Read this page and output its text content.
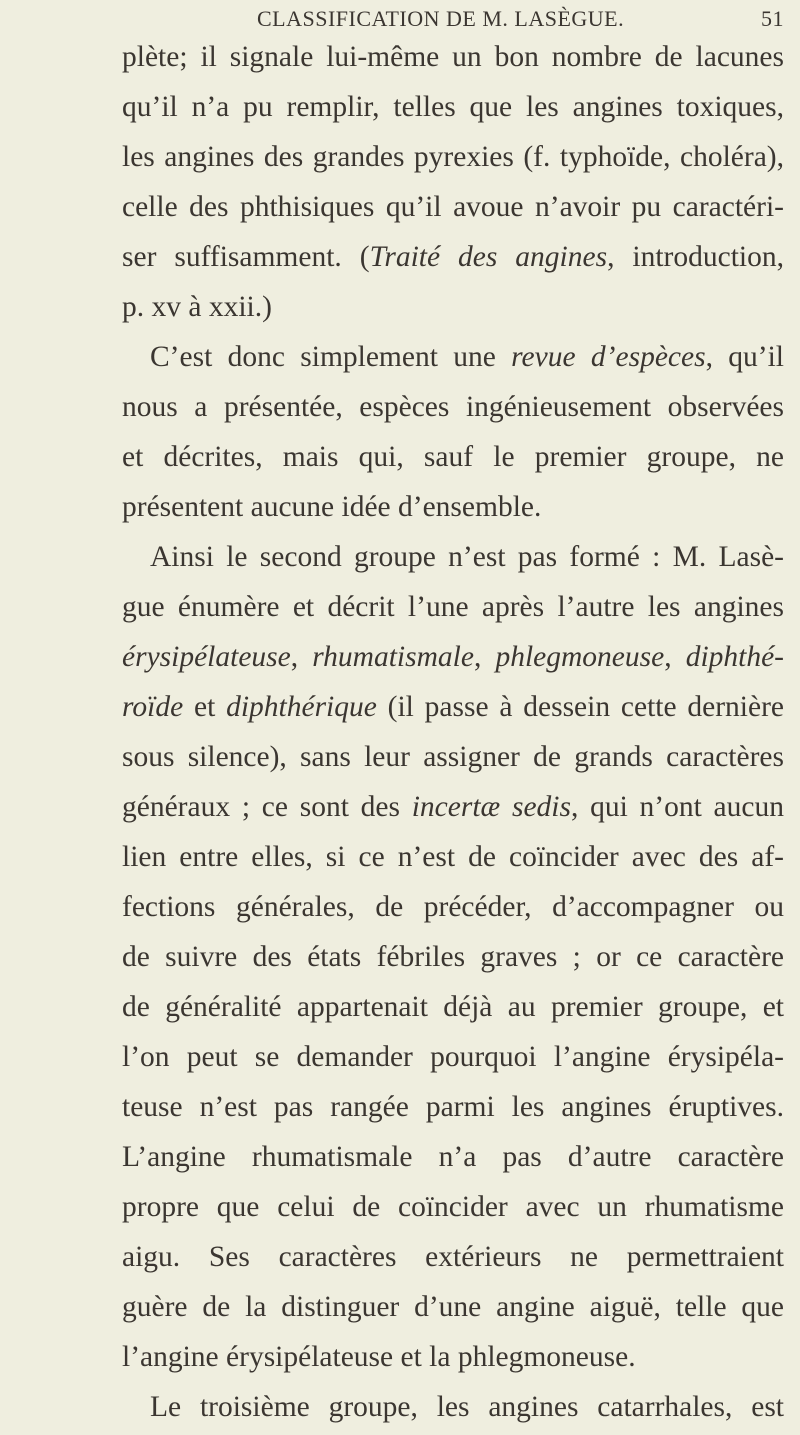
CLASSIFICATION DE M. LASÈGUE.	51
plète; il signale lui-même un bon nombre de lacunes
qu’il n’a pu remplir, telles que les angines toxiques,
les angines des grandes pyrexies (f. typhoïde, choléra),
celle des phthisiques qu’il avoue n’avoir pu caractéri-
ser suffisamment. (Traité des angines, introduction,
p. xv à xxii.)
C’est donc simplement une revue d’espèces, qu’il
nous a présentée, espèces ingénieusement observées
et décrites, mais qui, sauf le premier groupe, ne
présentent aucune idée d’ensemble.
Ainsi le second groupe n’est pas formé : M. Lasè-
gue énumère et décrit l’une après l’autre les angines
érysipélateuse, rhumatismale, phlegmoneuse, diphthé-
roïde et diphthérique (il passe à dessein cette dernière
sous silence), sans leur assigner de grands caractères
généraux ; ce sont des incertæ sedis, qui n’ont aucun
lien entre elles, si ce n’est de coïncider avec des af-
fections générales, de précéder, d’accompagner ou
de suivre des états fébriles graves ; or ce caractère
de généralité appartenait déjà au premier groupe, et
l’on peut se demander pourquoi l’angine érysipéla-
teuse n’est pas rangée parmi les angines éruptives.
L’angine rhumatismale n’a pas d’autre caractère
propre que celui de coïncider avec un rhumatisme
aigu. Ses caractères extérieurs ne permettraient
guère de la distinguer d’une angine aiguë, telle que
l’angine érysipélateuse et la phlegmoneuse.
Le troisième groupe, les angines catarrhales, est
